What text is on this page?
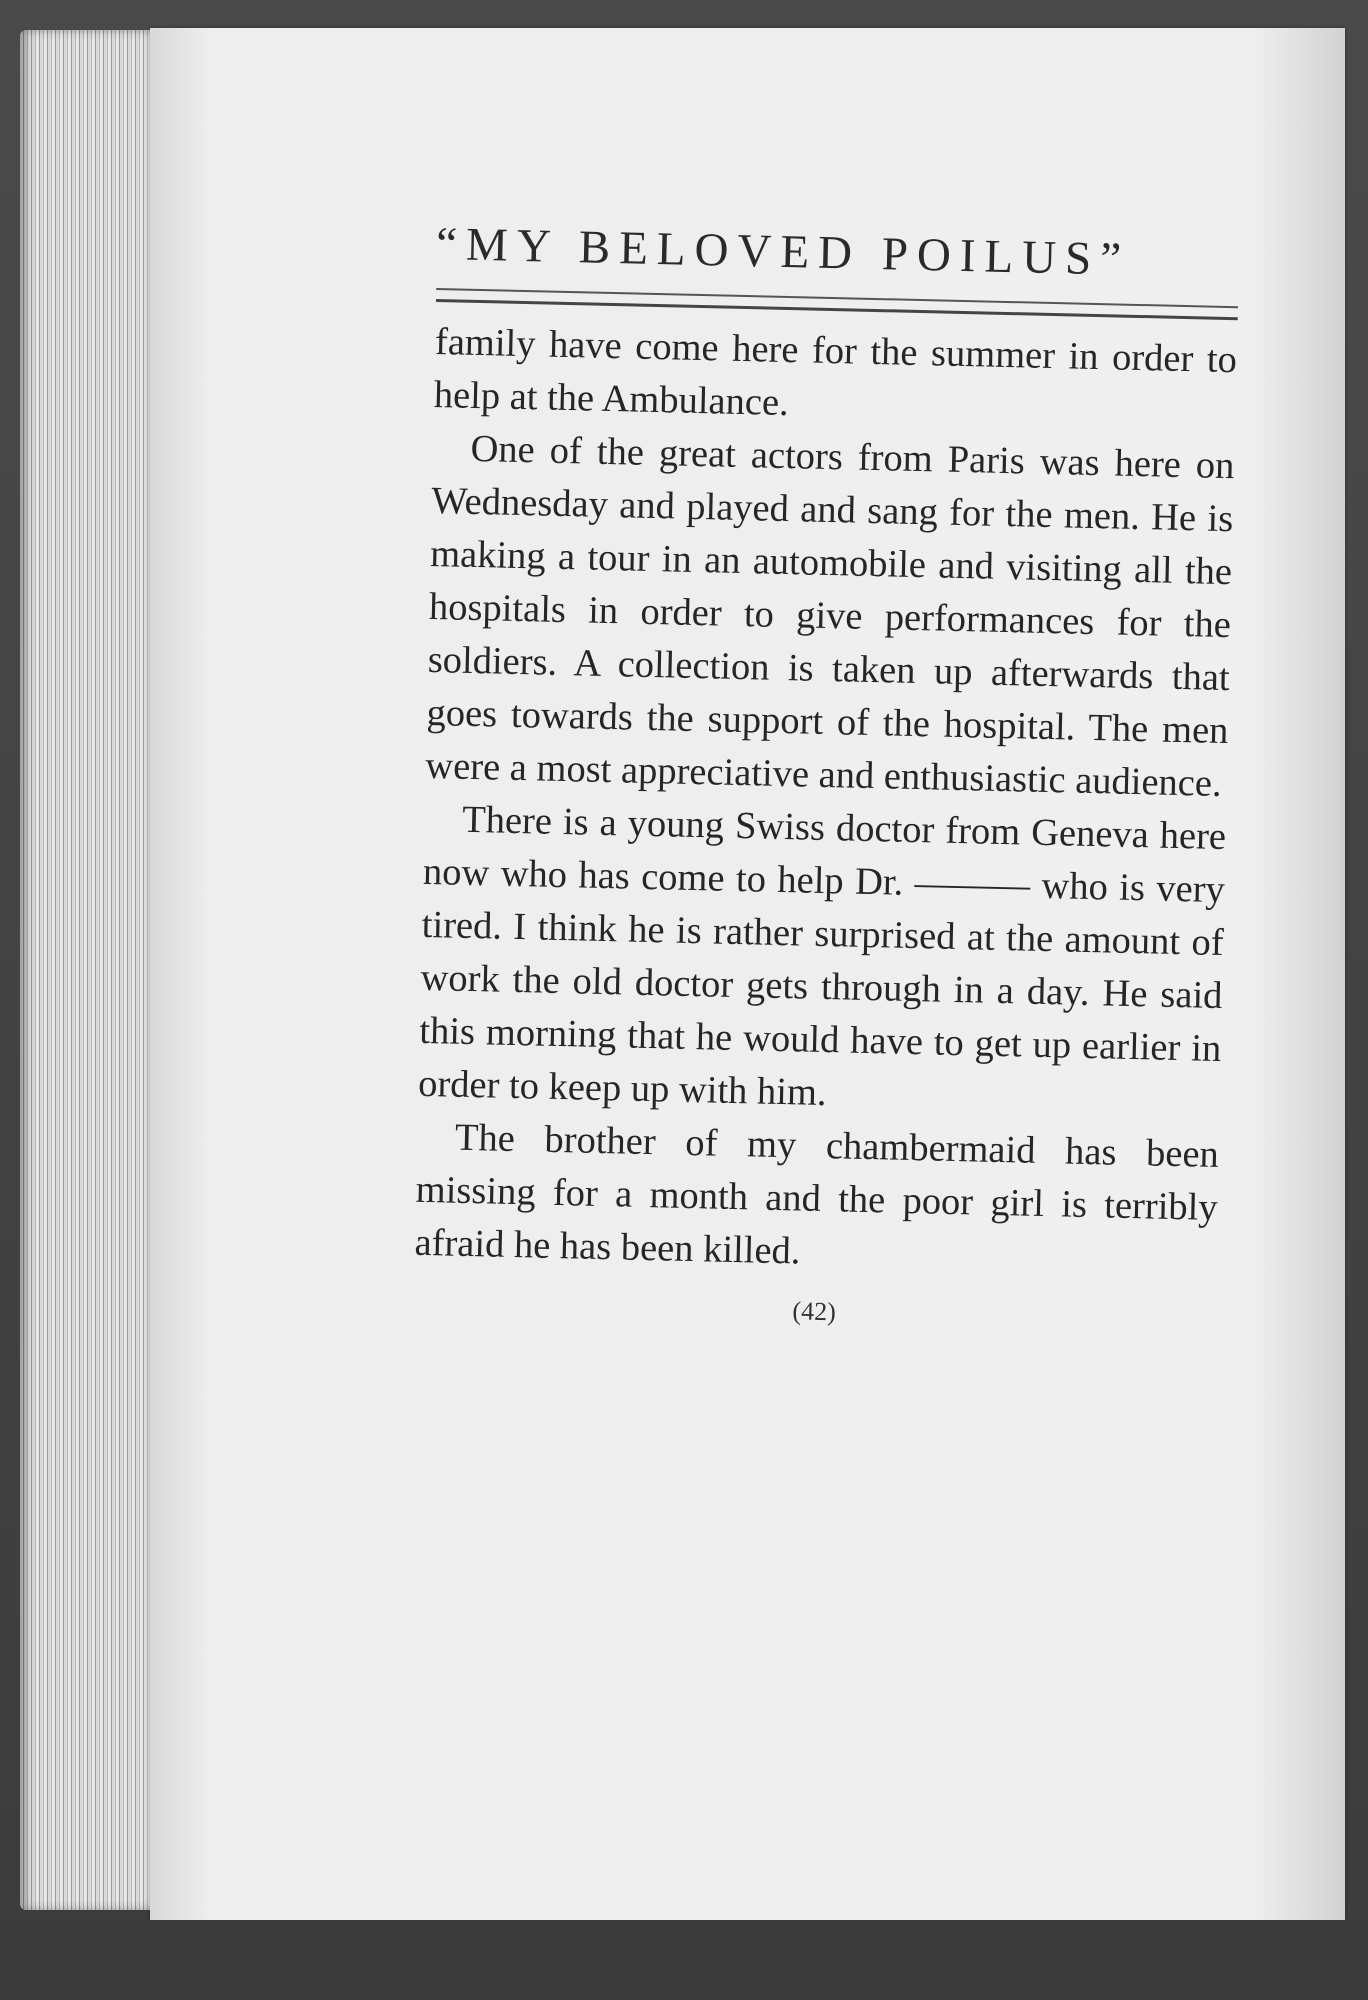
“MY BELOVED POILUS”

family have come here for the summer in order to help at the Ambulance.

One of the great actors from Paris was here on Wednesday and played and sang for the men. He is making a tour in an automobile and visiting all the hospitals in order to give performances for the soldiers. A collection is taken up afterwards that goes towards the support of the hospital. The men were a most appreciative and enthusiastic audience.

There is a young Swiss doctor from Geneva here now who has come to help Dr. ——— who is very tired. I think he is rather surprised at the amount of work the old doctor gets through in a day. He said this morning that he would have to get up earlier in order to keep up with him.

The brother of my chambermaid has been missing for a month and the poor girl is terribly afraid he has been killed.

(42)
